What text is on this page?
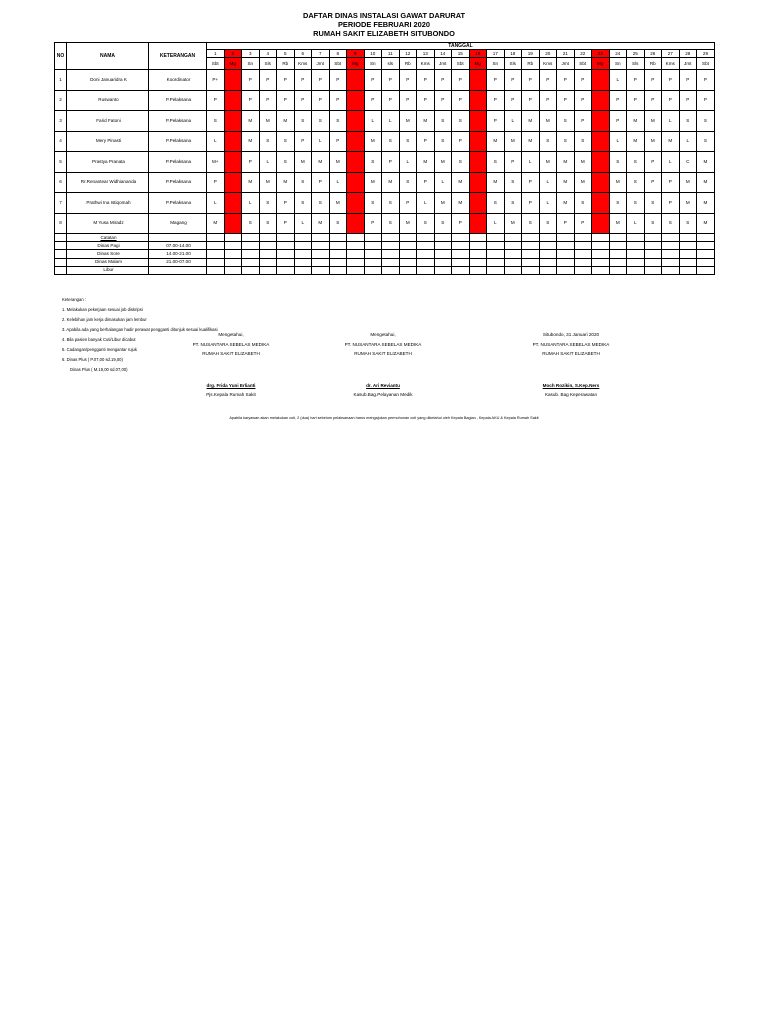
DAFTAR DINAS INSTALASI GAWAT DARURAT
PERIODE FEBRUARI 2020
RUMAH SAKIT ELIZABETH SITUBONDO
NO	NAMA	KETERANGAN	TANGGAL																												
			1	2	3	4	5	6	7	8	9	10	11	12	13	14	15	16	17	18	19	20	21	22	23	24	25	26	27	28	29
			Sbt	Mg	Sn	Sls	Rb	Kms	Jmt	Sbt	Mg	Sn	sls	Rb	Kms	Jmt	Sbt	Mg	Sn	Sls	Rb	Kms	Jmt	Sbt	Mg	Sn	Sls	Rb	Kms	Jmt	Sbt
1	Doni Januaridra K	Koordinator	P+		P	P	P	P	P	P		P	P	P	P	P	P		P	P	P	P	P	P		L	P	P	P	P	P
2	Ruswanto	P.Pelaksana	P		P	P	P	P	P	P		P	P	P	P	P	P		P	P	P	P	P	P		P	P	P	P	P	P
3	Farid Fatoni	P.Pelaksana	S		M	M	M	S	S	S		L	L	M	M	S	S		P	L	M	M	S	P		P	M	M	L	S	S
4	Mery Pinasti	P.Pelaksana	L		M	S	S	P	L	P		M	S	S	P	S	P		M	M	M	S	S	S		L	M	M	M	L	S
5	Prastya Pranata	P.Pelaksana	M+		P	L	S	M	M	M		S	P	L	M	M	S		S	P	L	M	M	M		S	S	P	L	C	M
6	Rr.Renantear Widhiananda	P.Pelaksana	P		M	M	M	S	P	L		M	M	S	P	L	M		M	S	P	L	M	M		M	S	P	P	M	M
7	Prathwi Ina Istiqomah	P.Pelaksana	L		L	S	P	S	S	M		S	S	P	L	M	M		S	S	P	L	M	S		S	S	S	P	M	M
8	M Yusa Miradz	Magang	M		S	S	P	L	M	S		P	S	M	S	S	P		L	M	S	S	P	P		M	L	S	S	S	M
	Catatan																														
	Dinas Pagi	07.00-14.00																													
	Dinas Sore	14.00-21.00																													
	Dinas Malam	21.00-07.00																													
	Libur																														
Keterangan :
1. Melakukan pekerjaan sesuai job diskripsi
2. Kelebihan jam kerja dimasukan jam lembur
3. Apabila ada yang berhalangan hadir perawat pengganti ditunjuk sesuai kualifikasi
4. Bila pasien banyak Cuti/Libur dicabut
5. Cadangan/pengganti mengantar rujuk
6. Dinas Plus ( P.07,00 sd.19,00)
Dinas Plus ( M.19,00 sd.07,00)
Mengetahui,
PT. NUSANTARA SEBELAS MEDIKA
RUMAH SAKIT ELIZABETH
drg. Frida Yuni Erlianti
Pjs.Kepala Rumah Sakit
Mengetahui,
PT. NUSANTARA SEBELAS MEDIKA
RUMAH SAKIT ELIZABETH
dr. Ari Reviantu
Kasub.Bag.Pelayanan Medik
Situbondo, 31 Januari 2020
PT. NUSANTARA SEBELAS MEDIKA
RUMAH SAKIT ELIZABETH
Moch Rozikin, S.Kep.Ners
Kasub. Bag Keperawatan
Apabila karyawan akan melakukan cuti, 2 (dua) hari sebelum pelaksanaan harus mengajukan permohonan cuti yang diketahui oleh Kepala Bagian , Kepala AKU & Kepala Rumah Sakit
